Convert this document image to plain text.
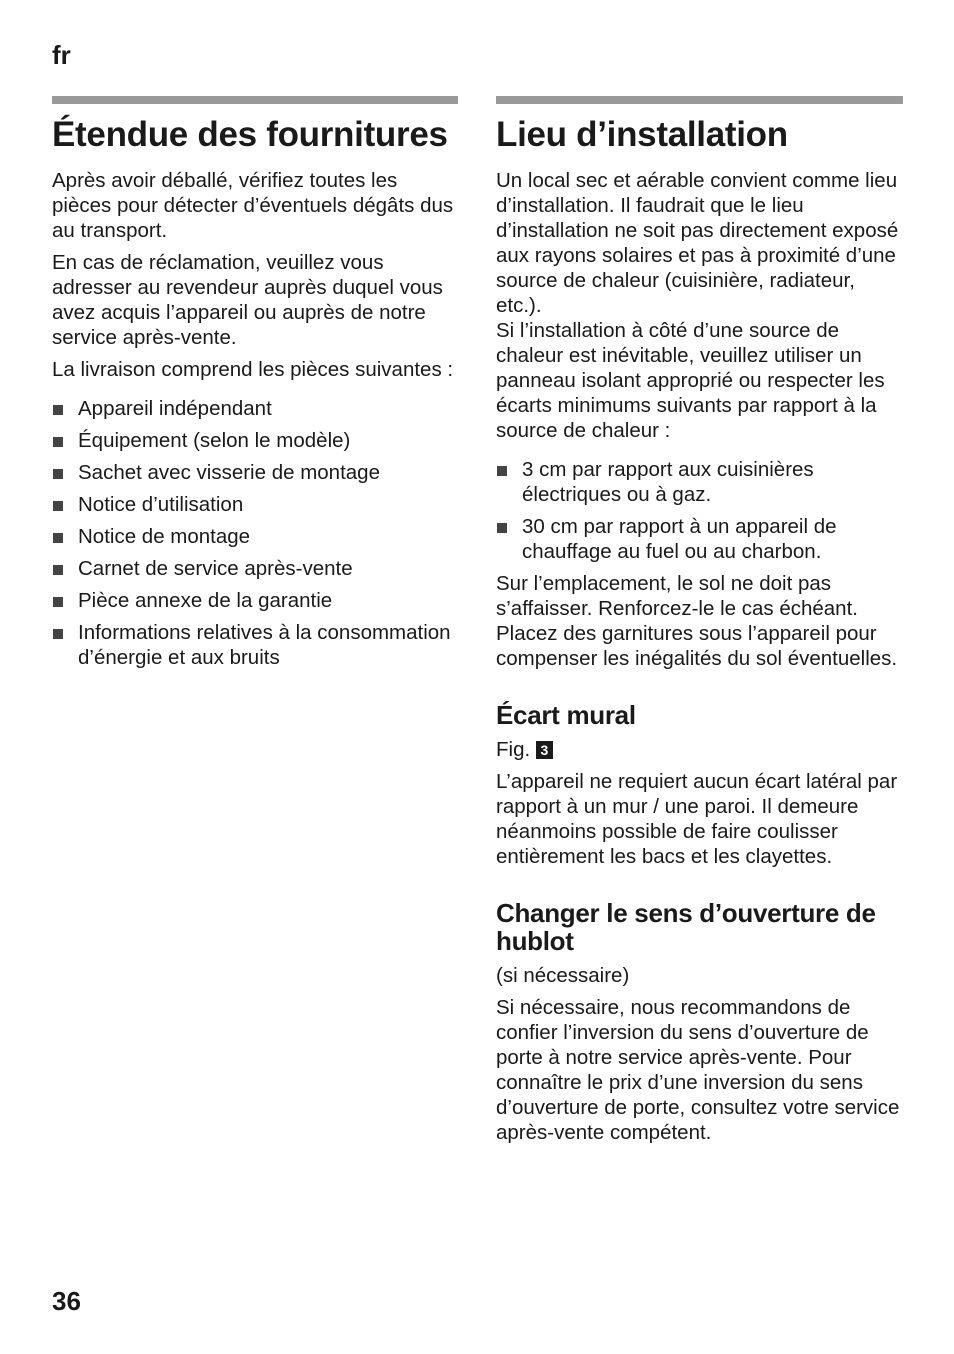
fr
Étendue des fournitures

Après avoir déballé, vérifiez toutes les pièces pour détecter d’éventuels dégâts dus au transport.

En cas de réclamation, veuillez vous adresser au revendeur auprès duquel vous avez acquis l’appareil ou auprès de notre service après-vente.

La livraison comprend les pièces suivantes :

Appareil indépendant
Équipement (selon le modèle)
Sachet avec visserie de montage
Notice d’utilisation
Notice de montage
Carnet de service après-vente
Pièce annexe de la garantie
Informations relatives à la consommation d’énergie et aux bruits
Lieu d’installation

Un local sec et aérable convient comme lieu d’installation. Il faudrait que le lieu d’installation ne soit pas directement exposé aux rayons solaires et pas à proximité d’une source de chaleur (cuisinière, radiateur, etc.).

Si l’installation à côté d’une source de chaleur est inévitable, veuillez utiliser un panneau isolant approprié ou respecter les écarts minimums suivants par rapport à la source de chaleur :

3 cm par rapport aux cuisinières électriques ou à gaz.
30 cm par rapport à un appareil de chauffage au fuel ou au charbon.

Sur l’emplacement, le sol ne doit pas s’affaisser. Renforcez-le le cas échéant. Placez des garnitures sous l’appareil pour compenser les inégalités du sol éventuelles.

Écart mural

Fig. 3

L’appareil ne requiert aucun écart latéral par rapport à un mur / une paroi. Il demeure néanmoins possible de faire coulisser entièrement les bacs et les clayettes.

Changer le sens d’ouverture de hublot

(si nécessaire)

Si nécessaire, nous recommandons de confier l’inversion du sens d’ouverture de porte à notre service après-vente. Pour connaître le prix d’une inversion du sens d’ouverture de porte, consultez votre service après-vente compétent.

36
